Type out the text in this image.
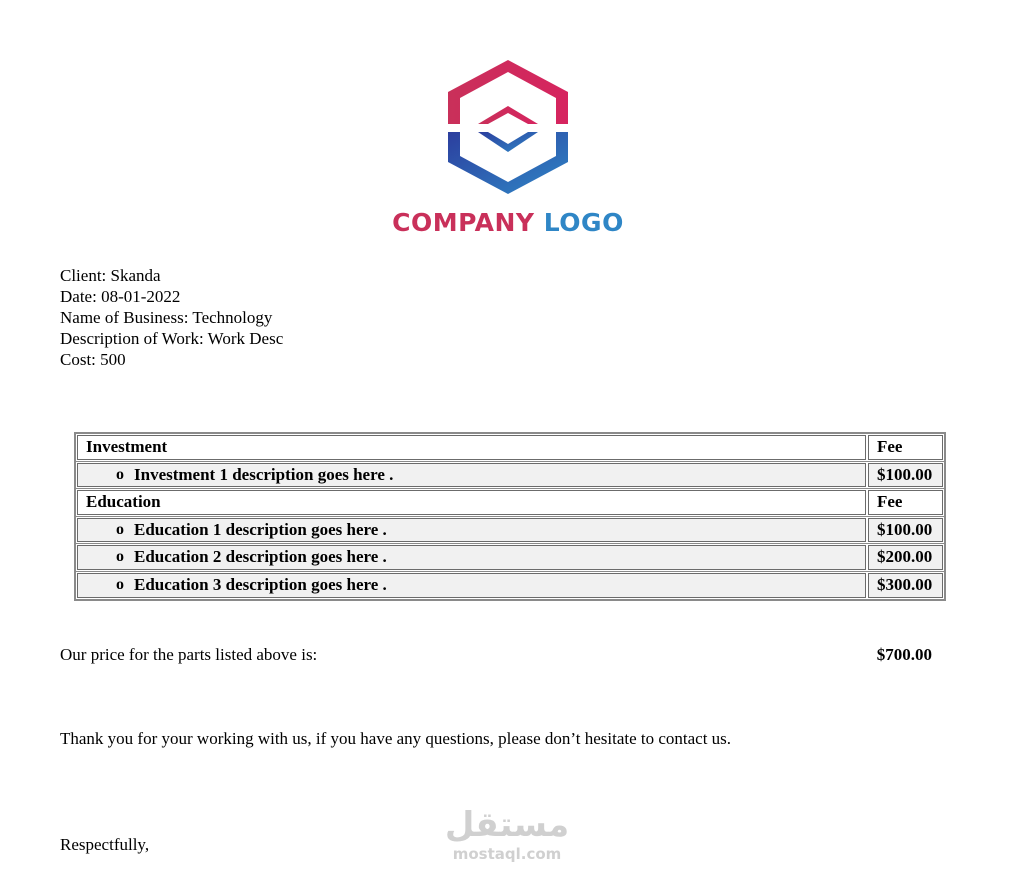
COMPANY LOGO
Client: Skanda
Date: 08-01-2022
Name of Business: Technology
Description of Work: Work Desc
Cost: 500
Investment	Fee
o Investment 1 description goes here .	$100.00
Education	Fee
o Education 1 description goes here .	$100.00
o Education 2 description goes here .	$200.00
o Education 3 description goes here .	$300.00
Our price for the parts listed above is:	$700.00
Thank you for your working with us, if you have any questions, please don’t hesitate to contact us.
مستقل
mostaql.com
Respectfully,
